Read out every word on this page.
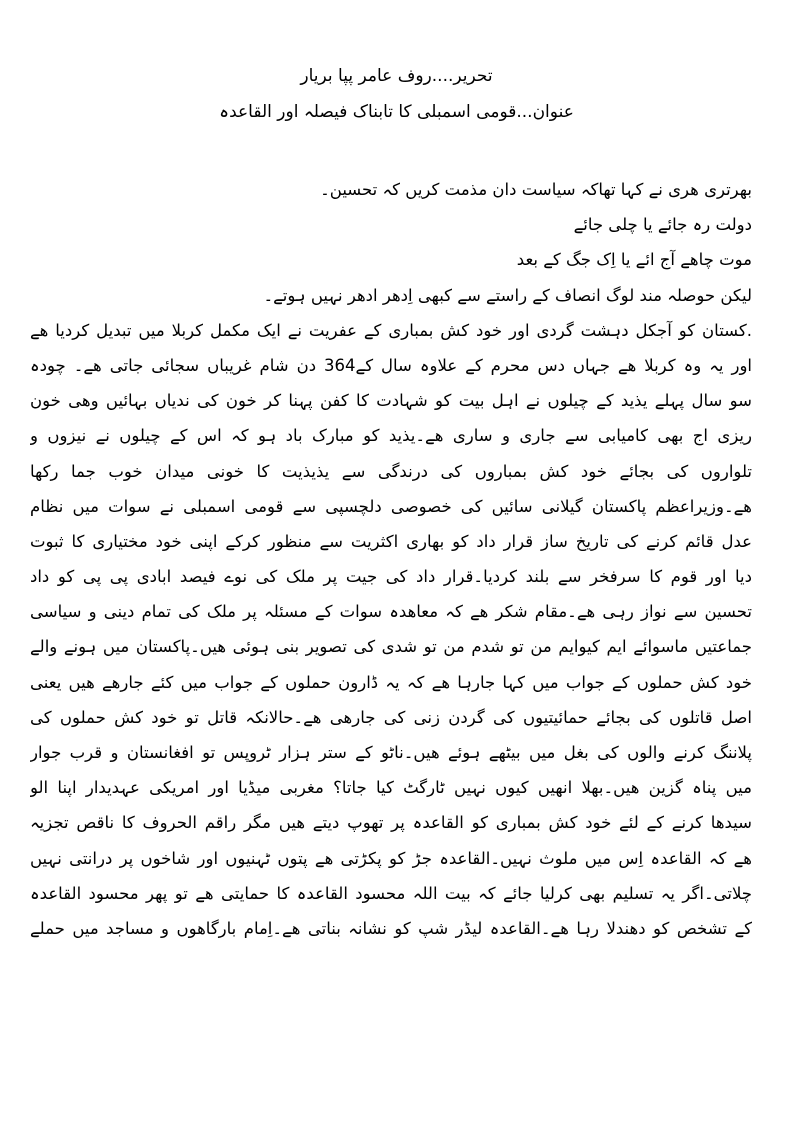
تحریر....روف عامر پپا بریار
عنوان...قومی اسمبلی کا تابناک فیصلہ اور القاعدہ
بھرتری ھری نے کہا تھاکہ سیاست دان مذمت کریں کہ تحسین۔
دولت رہ جائے یا چلی جائے
موت چاھے آج ائے یا اِک جگ کے بعد
لیکن حوصلہ مند لوگ انصاف کے راستے سے کبھی اِدھر ادھر نہیں ہوتے۔
.کستان کو آجکل دہشت گردی اور خود کش بمباری کے عفریت نے ایک مکمل کربلا میں تبدیل کردیا ھے
اور یہ وہ کربلا ھے جہاں دس محرم کے علاوہ سال کے364 دن شام غریباں سجائی جاتی ھے۔ چودہ
سو سال پہلے یذید کے چیلوں نے اہل بیت کو شہادت کا کفن پہنا کر خون کی ندیاں بہائیں وھی خون
ریزی اج بھی کامیابی سے جاری و ساری ھے۔یذید کو مبارک باد ہو کہ اس کے چیلوں نے نیزوں و
تلواروں کی بجائے خود کش بمباروں کی درندگی سے یذیذیت کا خونی میدان خوب جما رکھا
ھے۔وزیراعظم پاکستان گیلانی سائیں کی خصوصی دلچسپی سے قومی اسمبلی نے سوات میں نظام
عدل قائم کرنے کی تاریخ ساز قرار داد کو بھاری اکثریت سے منظور کرکے اپنی خود مختیاری کا ثبوت
دیا اور قوم کا سرفخر سے بلند کردیا۔قرار داد کی جیت پر ملک کی نوے فیصد ابادی پی پی کو داد
تحسین سے نواز رہی ھے۔مقام شکر ھے کہ معاھدہ سوات کے مسئلہ پر ملک کی تمام دینی و سیاسی
جماعتیں ماسوائے ایم کیوایم من تو شدم من تو شدی کی تصویر بنی ہوئی ھیں۔پاکستان میں ہونے والے
خود کش حملوں کے جواب میں کہا جارہا ھے کہ یہ ڈارون حملوں کے جواب میں کئے جارھے ھیں یعنی
اصل قاتلوں کی بجائے حمائیتیوں کی گردن زنی کی جارھی ھے۔حالانکہ قاتل تو خود کش حملوں کی
پلاننگ کرنے والوں کی بغل میں بیٹھے ہوئے ھیں۔ناٹو کے ستر ہزار ٹروپس تو افغانستان و قرب جوار
میں پناہ گزین ھیں۔بھلا انھیں کیوں نہیں ٹارگٹ کیا جاتا؟ مغربی میڈیا اور امریکی عہدیدار اپنا الو
سیدھا کرنے کے لئے خود کش بمباری کو القاعدہ پر تھوپ دیتے ھیں مگر راقم الحروف کا ناقص تجزیہ
ھے کہ القاعدہ اِس میں ملوث نہیں۔القاعدہ جڑ کو پکڑتی ھے پتوں ٹہنیوں اور شاخوں پر درانتی نہیں
چلاتی۔اگر یہ تسلیم بھی کرلیا جائے کہ بیت اللہ محسود القاعدہ کا حمایتی ھے تو پھر محسود القاعدہ
کے تشخص کو دھندلا رہا ھے۔القاعدہ لیڈر شپ کو نشانہ بناتی ھے۔اِمام بارگاھوں و مساجد میں حملے
